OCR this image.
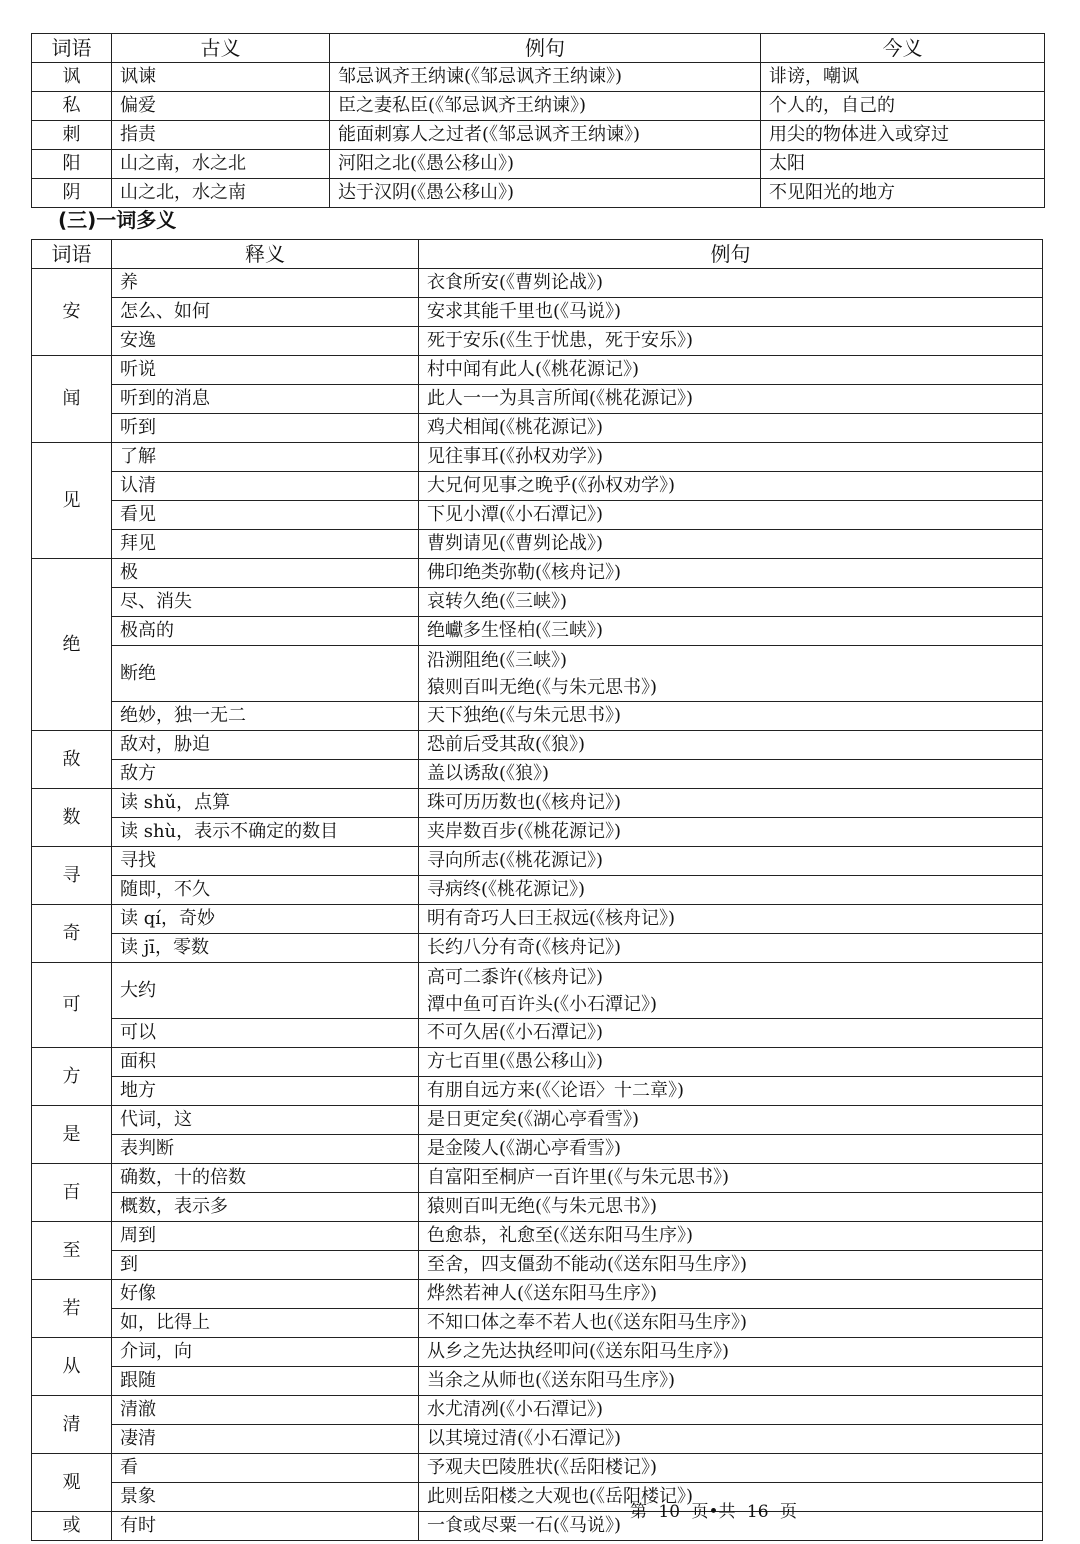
词语	古义	例句	今义
讽	讽谏	邹忌讽齐王纳谏(《邹忌讽齐王纳谏》)	诽谤，嘲讽
私	偏爱	臣之妻私臣(《邹忌讽齐王纳谏》)	个人的，自己的
刺	指责	能面刺寡人之过者(《邹忌讽齐王纳谏》)	用尖的物体进入或穿过
阳	山之南，水之北	河阳之北(《愚公移山》)	太阳
阴	山之北，水之南	达于汉阴(《愚公移山》)	不见阳光的地方
(三)一词多义
词语	释义	例句
安	养	衣食所安(《曹刿论战》)

	怎么、如何	安求其能千里也(《马说》)

	安逸	死于安乐(《生于忧患，死于安乐》)

闻	听说	村中闻有此人(《桃花源记》)

	听到的消息	此人一一为具言所闻(《桃花源记》)

	听到	鸡犬相闻(《桃花源记》)

见	了解	见往事耳(《孙权劝学》)

	认清	大兄何见事之晚乎(《孙权劝学》)

	看见	下见小潭(《小石潭记》)

	拜见	曹刿请见(《曹刿论战》)

绝	极	佛印绝类弥勒(《核舟记》)

	尽、消失	哀转久绝(《三峡》)

	极高的	绝巘多生怪柏(《三峡》)

	断绝	沿溯阻绝(《三峡》)
猿则百叫无绝(《与朱元思书》)

	绝妙，独一无二	天下独绝(《与朱元思书》)

敌	敌对，胁迫	恐前后受其敌(《狼》)

	敌方	盖以诱敌(《狼》)

数	读 shǔ，点算	珠可历历数也(《核舟记》)

	读 shù，表示不确定的数目	夹岸数百步(《桃花源记》)

寻	寻找	寻向所志(《桃花源记》)

	随即，不久	寻病终(《桃花源记》)

奇	读 qí，奇妙	明有奇巧人曰王叔远(《核舟记》)

	读 jī，零数	长约八分有奇(《核舟记》)

可	大约	高可二黍许(《核舟记》)
潭中鱼可百许头(《小石潭记》)

	可以	不可久居(《小石潭记》)

方	面积	方七百里(《愚公移山》)

	地方	有朋自远方来(《〈论语〉十二章》)

是	代词，这	是日更定矣(《湖心亭看雪》)

	表判断	是金陵人(《湖心亭看雪》)

百	确数，十的倍数	自富阳至桐庐一百许里(《与朱元思书》)

	概数，表示多	猿则百叫无绝(《与朱元思书》)

至	周到	色愈恭，礼愈至(《送东阳马生序》)

	到	至舍，四支僵劲不能动(《送东阳马生序》)

若	好像	烨然若神人(《送东阳马生序》)

	如，比得上	不知口体之奉不若人也(《送东阳马生序》)

从	介词，向	从乡之先达执经叩问(《送东阳马生序》)

	跟随	当余之从师也(《送东阳马生序》)

清	清澈	水尤清冽(《小石潭记》)

	凄清	以其境过清(《小石潭记》)

观	看	予观夫巴陵胜状(《岳阳楼记》)

	景象	此则岳阳楼之大观也(《岳阳楼记》)

或	有时	一食或尽粟一石(《马说》)
第 10 页•共 16 页
